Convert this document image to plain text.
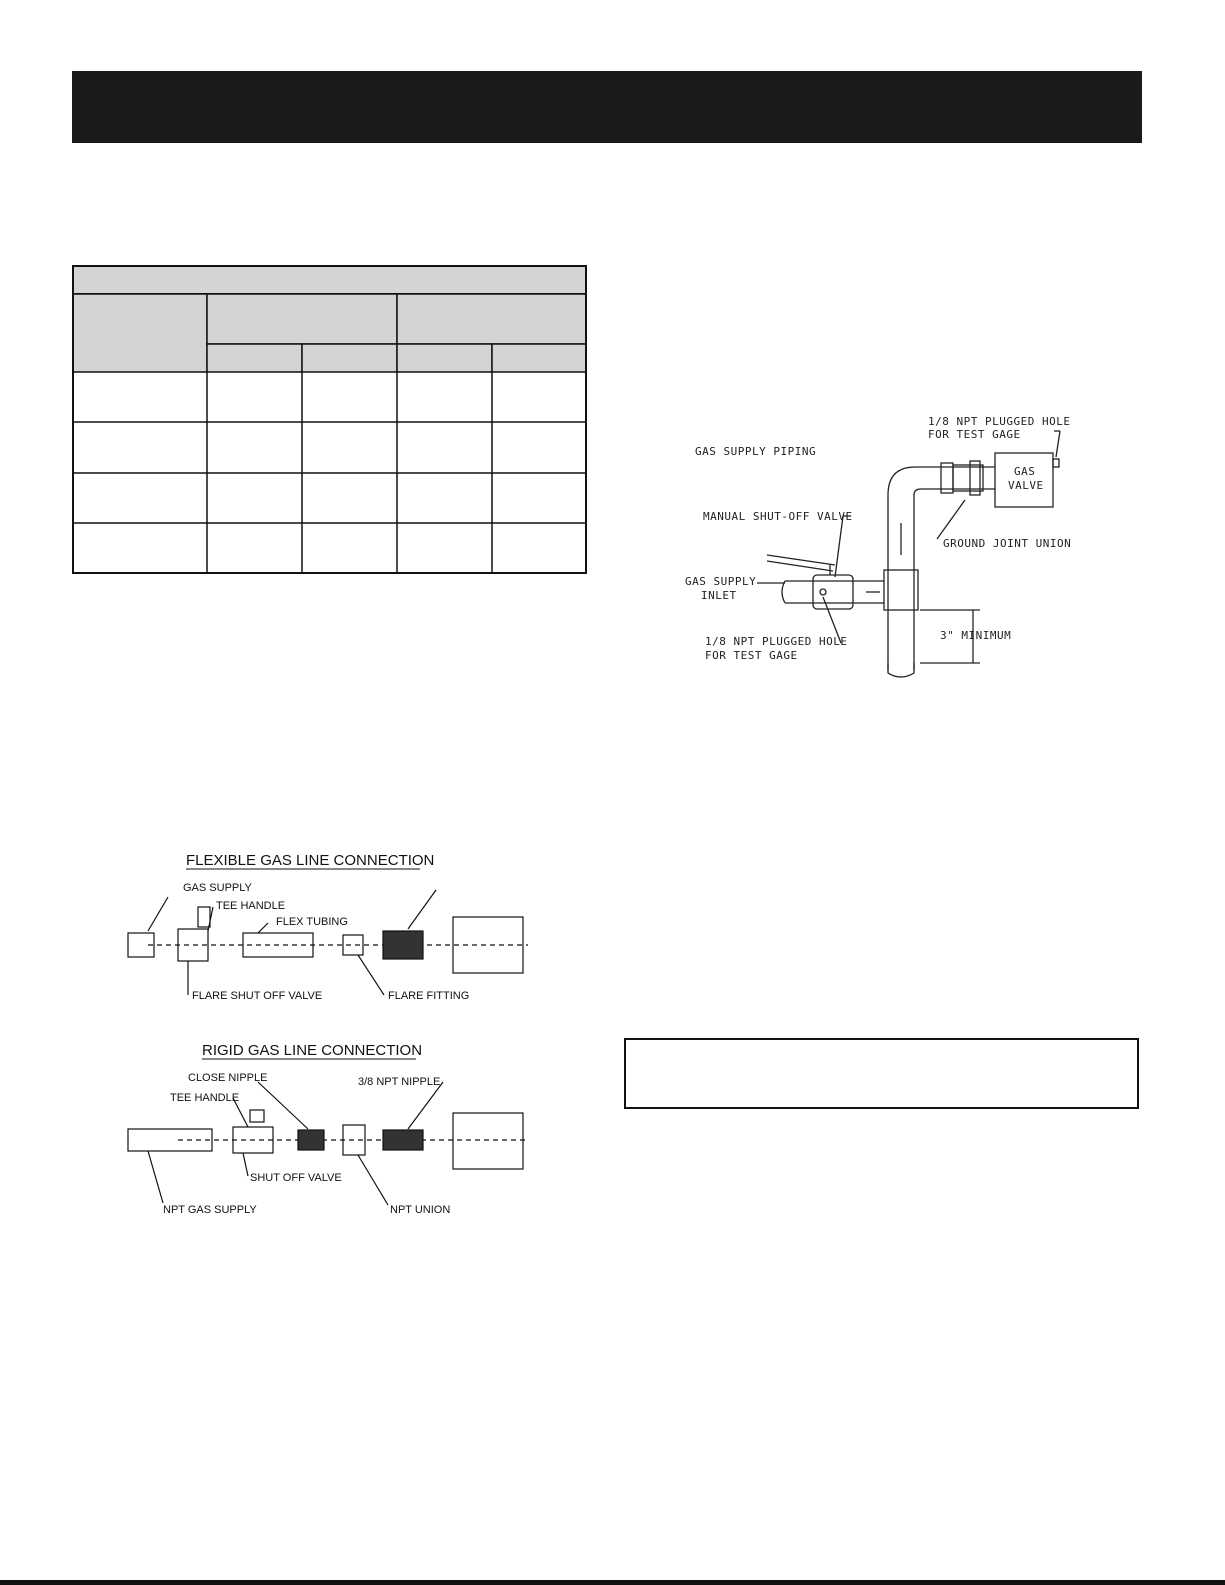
GAS SUPPLY PIPING
1/8 NPT PLUGGED HOLE
FOR TEST GAGE
GAS
VALVE
MANUAL SHUT-OFF VALVE
GROUND JOINT UNION
GAS SUPPLY
INLET
1/8 NPT PLUGGED HOLE
FOR TEST GAGE
3" MINIMUM
FLEXIBLE GAS LINE CONNECTION
GAS SUPPLY
TEE HANDLE
FLEX TUBING
FLARE SHUT OFF VALVE	FLARE FITTING
RIGID GAS LINE CONNECTION
CLOSE NIPPLE	3/8 NPT NIPPLE
TEE HANDLE
SHUT OFF VALVE
NPT GAS SUPPLY	NPT UNION
